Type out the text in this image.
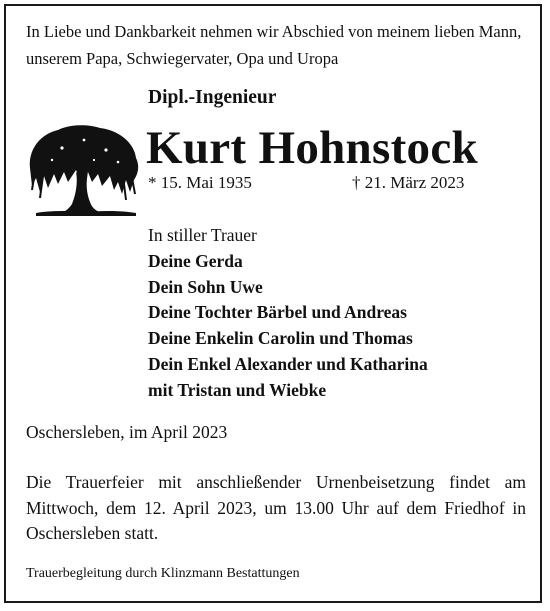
In Liebe und Dankbarkeit nehmen wir Abschied von meinem lieben Mann, unserem Papa, Schwiegervater, Opa und Uropa
Dipl.-Ingenieur
Kurt Hohnstock
* 15. Mai 1935	† 21. März 2023
In stiller Trauer
Deine Gerda
Dein Sohn Uwe
Deine Tochter Bärbel und Andreas
Deine Enkelin Carolin und Thomas
Dein Enkel Alexander und Katharina
mit Tristan und Wiebke
Oschersleben, im April 2023
Die Trauerfeier mit anschließender Urnenbeisetzung findet am Mittwoch, dem 12. April 2023, um 13.00 Uhr auf dem Friedhof in Oschersleben statt.
Trauerbegleitung durch Klinzmann Bestattungen
